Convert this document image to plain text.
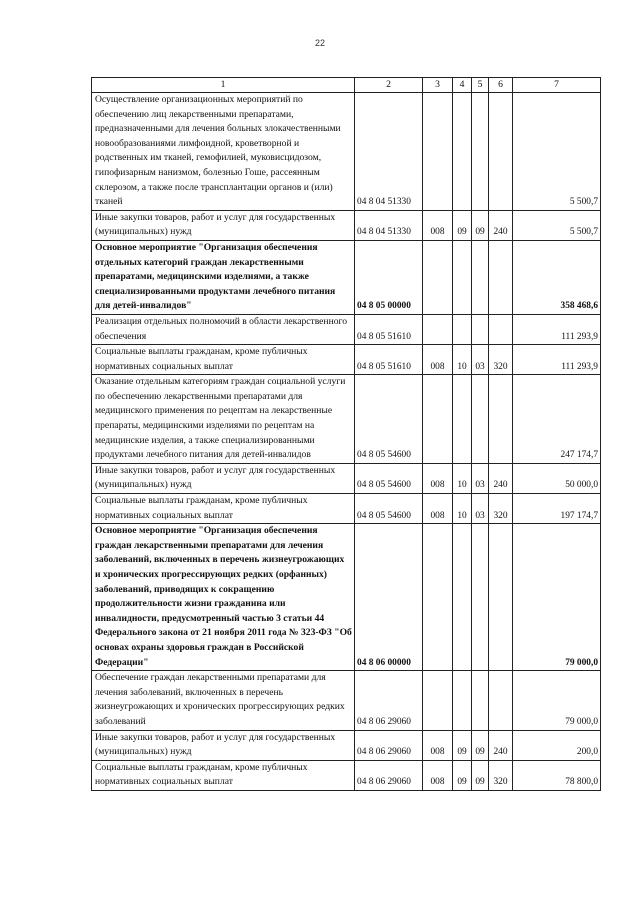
22
1	2	3	4	5	6	7
Осуществление организационных мероприятий по обеспечению лиц лекарственными препаратами, предназначенными для лечения больных злокачественными новообразованиями лимфоидной, кроветворной и родственных им тканей, гемофилией, муковисцидозом, гипофизарным нанизмом, болезнью Гоше, рассеянным склерозом, а также после трансплантации органов и (или) тканей	04 8 04 51330					5 500,7
Иные закупки товаров, работ и услуг для государственных (муниципальных) нужд	04 8 04 51330	008	09	09	240	5 500,7
Основное мероприятие "Организация обеспечения отдельных категорий граждан лекарственными препаратами, медицинскими изделиями, а также специализированными продуктами лечебного питания для детей-инвалидов"	04 8 05 00000					358 468,6
Реализация отдельных полномочий в области лекарственного обеспечения	04 8 05 51610					111 293,9
Социальные выплаты гражданам, кроме публичных нормативных социальных выплат	04 8 05 51610	008	10	03	320	111 293,9
Оказание отдельным категориям граждан социальной услуги по обеспечению лекарственными препаратами для медицинского применения по рецептам на лекарственные препараты, медицинскими изделиями по рецептам на медицинские изделия, а также специализированными продуктами лечебного питания для детей-инвалидов	04 8 05 54600					247 174,7
Иные закупки товаров, работ и услуг для государственных (муниципальных) нужд	04 8 05 54600	008	10	03	240	50 000,0
Социальные выплаты гражданам, кроме публичных нормативных социальных выплат	04 8 05 54600	008	10	03	320	197 174,7
Основное мероприятие "Организация обеспечения граждан лекарственными препаратами для лечения заболеваний, включенных в перечень жизнеугрожающих и хронических прогрессирующих редких (орфанных) заболеваний, приводящих к сокращению продолжительности жизни гражданина или инвалидности, предусмотренный частью 3 статьи 44 Федерального закона от 21 ноября 2011 года № 323-ФЗ "Об основах охраны здоровья граждан в Российской Федерации"	04 8 06 00000					79 000,0
Обеспечение граждан лекарственными препаратами для лечения заболеваний, включенных в перечень жизнеугрожающих и хронических прогрессирующих редких заболеваний	04 8 06 29060					79 000,0
Иные закупки товаров, работ и услуг для государственных (муниципальных) нужд	04 8 06 29060	008	09	09	240	200,0
Социальные выплаты гражданам, кроме публичных нормативных социальных выплат	04 8 06 29060	008	09	09	320	78 800,0
